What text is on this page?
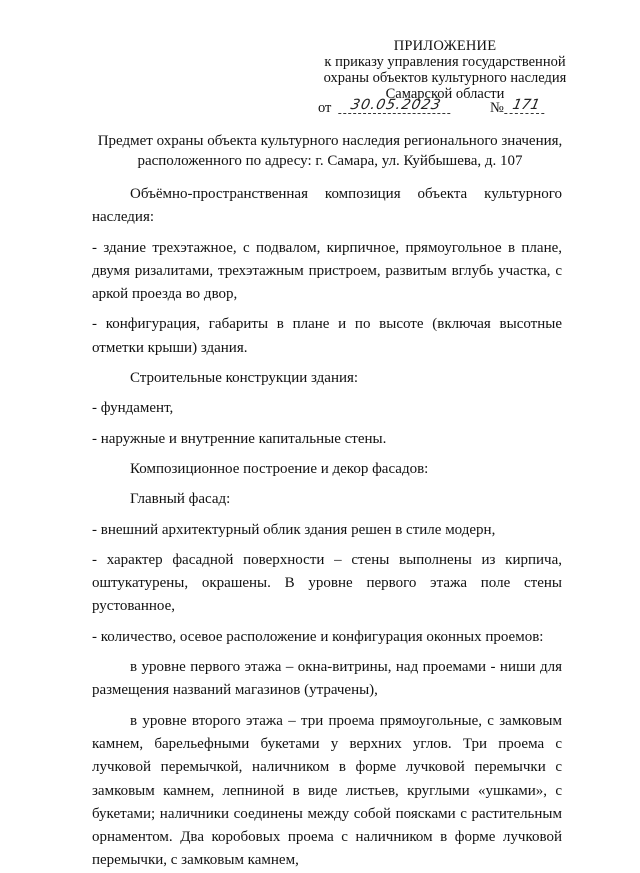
ПРИЛОЖЕНИЕ
к приказу управления государственной
охраны объектов культурного наследия
Самарской области
от	30.05.2023	№ 171
Предмет охраны объекта культурного наследия регионального значения,
расположенного по адресу: г. Самара, ул. Куйбышева, д. 107

Объёмно-пространственная композиция объекта культурного наследия:

- здание трехэтажное, с подвалом, кирпичное, прямоугольное в плане, двумя ризалитами, трехэтажным пристроем, развитым вглубь участка, с аркой проезда во двор,

- конфигурация, габариты в плане и по высоте (включая высотные отметки крыши) здания.

Строительные конструкции здания:

- фундамент,

- наружные и внутренние капитальные стены.

Композиционное построение и декор фасадов:

Главный фасад:

- внешний архитектурный облик здания решен в стиле модерн,

- характер фасадной поверхности – стены выполнены из кирпича, оштукатурены, окрашены. В уровне первого этажа поле стены рустованное,

- количество, осевое расположение и конфигурация оконных проемов:

в уровне первого этажа – окна-витрины, над проемами - ниши для размещения названий магазинов (утрачены),

в уровне второго этажа – три проема прямоугольные, с замковым камнем, барельефными букетами у верхних углов. Три проема с лучковой перемычкой, наличником в форме лучковой перемычки с замковым камнем, лепниной в виде листьев, круглыми «ушками», с букетами; наличники соединены между собой поясками с растительным орнаментом. Два коробовых проема с наличником в форме лучковой перемычки, с замковым камнем,
